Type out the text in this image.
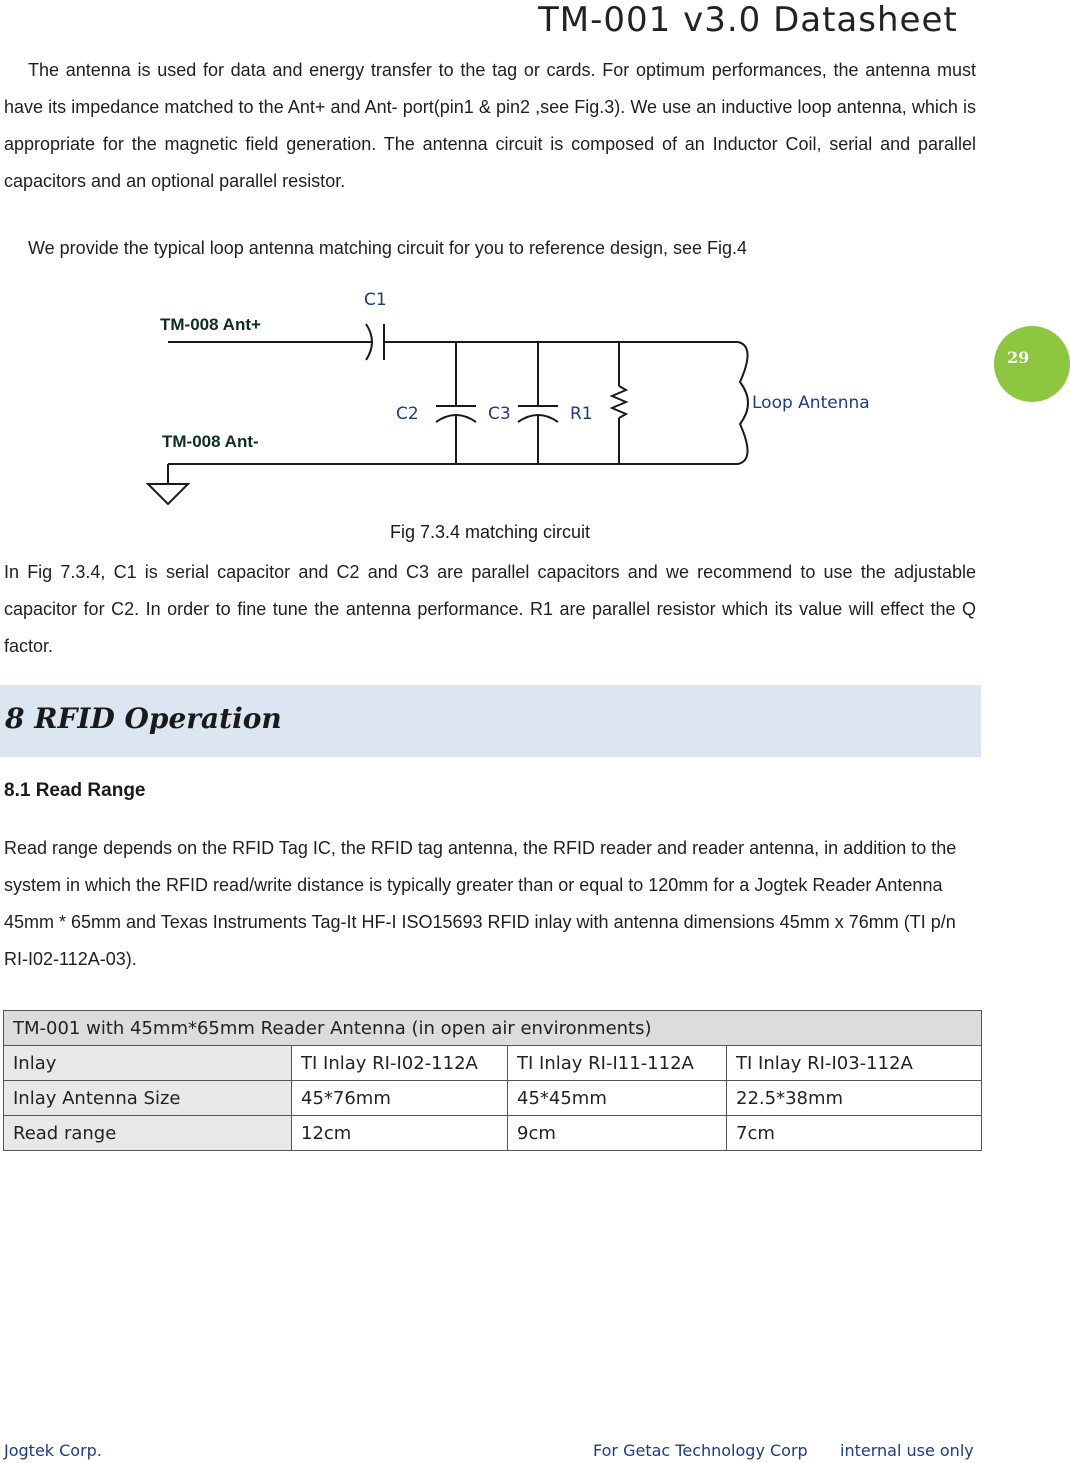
TM-001 v3.0 Datasheet
29

The antenna is used for data and energy transfer to the tag or cards. For optimum performances, the antenna must have its impedance matched to the Ant+ and Ant- port(pin1 & pin2 ,see Fig.3). We use an inductive loop antenna, which is appropriate for the magnetic field generation. The antenna circuit is composed of an Inductor Coil, serial and parallel capacitors and an optional parallel resistor.

We provide the typical loop antenna matching circuit for you to reference design, see Fig.4

TM-008 Ant+
TM-008 Ant-
C1
C2	C3	R1
Loop Antenna
Fig 7.3.4 matching circuit

In Fig 7.3.4, C1 is serial capacitor and C2 and C3 are parallel capacitors and we recommend to use the adjustable capacitor for C2. In order to fine tune the antenna performance. R1 are parallel resistor which its value will effect the Q factor.

8 RFID Operation
8.1 Read Range

Read range depends on the RFID Tag IC, the RFID tag antenna, the RFID reader and reader antenna, in addition to the system in which the RFID read/write distance is typically greater than or equal to 120mm for a Jogtek Reader Antenna 45mm * 65mm and Texas Instruments Tag-It HF-I ISO15693 RFID inlay with antenna dimensions 45mm x 76mm (TI p/n RI-I02-112A-03).

TM-001 with 45mm*65mm Reader Antenna (in open air environments)			
Inlay	TI Inlay RI-I02-112A	TI Inlay RI-I11-112A	TI Inlay RI-I03-112A
Inlay Antenna Size	45*76mm	45*45mm	22.5*38mm
Read range	12cm	9cm	7cm
Jogtek Corp.	For Getac Technology Corp internal use only
